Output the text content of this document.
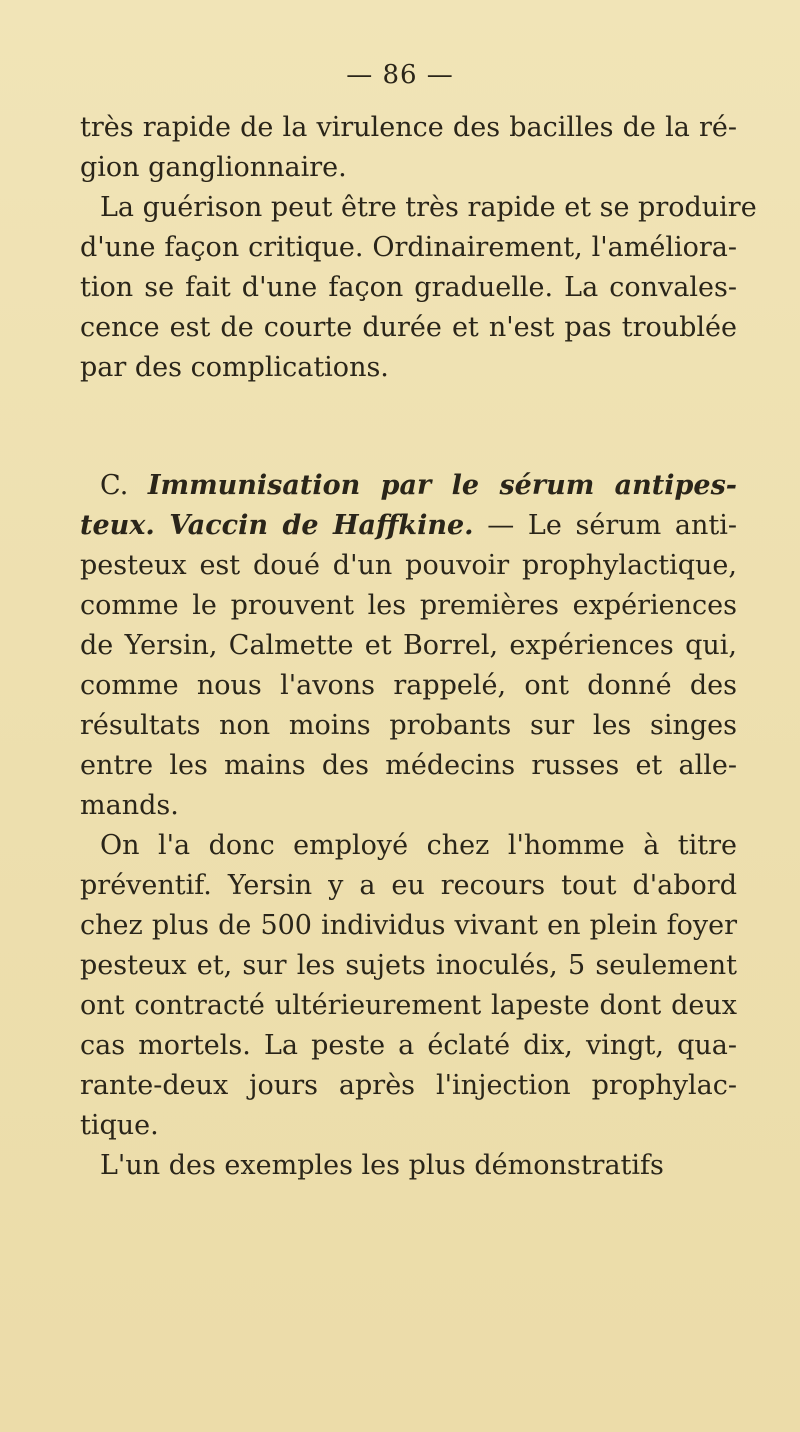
— 86 —
très rapide de la virulence des bacilles de la ré-
gion ganglionnaire.
La guérison peut être très rapide et se produire
d'une façon critique. Ordinairement, l'améliora-
tion se fait d'une façon graduelle. La convales-
cence est de courte durée et n'est pas troublée
par des complications.
C. Immunisation par le sérum antipes-
teux. Vaccin de Haffkine. — Le sérum anti-
pesteux est doué d'un pouvoir prophylactique,
comme le prouvent les premières expériences
de Yersin, Calmette et Borrel, expériences qui,
comme nous l'avons rappelé, ont donné des
résultats non moins probants sur les singes
entre les mains des médecins russes et alle-
mands.
On l'a donc employé chez l'homme à titre
préventif. Yersin y a eu recours tout d'abord
chez plus de 500 individus vivant en plein foyer
pesteux et, sur les sujets inoculés, 5 seulement
ont contracté ultérieurement lapeste dont deux
cas mortels. La peste a éclaté dix, vingt, qua-
rante-deux jours après l'injection prophylac-
tique.
L'un des exemples les plus démonstratifs
